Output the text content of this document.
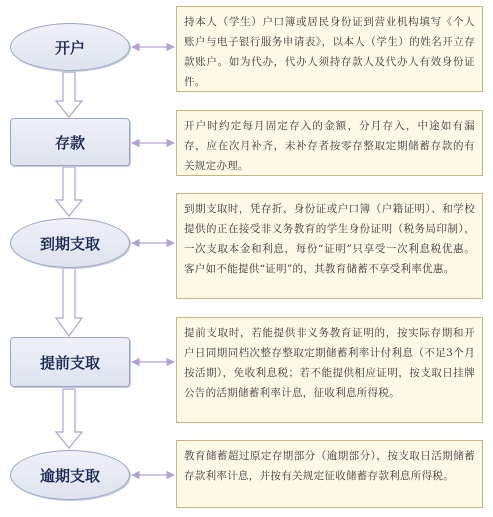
开户
存款
到期支取
提前支取
逾期支取
持本人（学生）户口簿或居民身份证到营业机构填写《个人账户与电子银行服务申请表》，以本人（学生）的姓名开立存款账户。如为代办，代办人须持存款人及代办人有效身份证件。
开户时约定每月固定存入的金额，分月存入，中途如有漏存，应在次月补齐，未补存者按零存整取定期储蓄存款的有关规定办理。
到期支取时，凭存折、身份证或户口簿（户籍证明）、和学校提供的正在接受非义务教育的学生身份证明（税务局印制），一次支取本金和利息，每份“证明”只享受一次利息税优惠。客户如不能提供“证明”的，其教育储蓄不享受利率优惠。
提前支取时，若能提供非义务教育证明的，按实际存期和开户日同期同档次整存整取定期储蓄利率计付利息（不足3个月按活期），免收利息税；若不能提供相应证明，按支取日挂牌公告的活期储蓄利率计息，征收利息所得税。
教育储蓄超过原定存期部分（逾期部分），按支取日活期储蓄存款利率计息，并按有关规定征收储蓄存款利息所得税。
